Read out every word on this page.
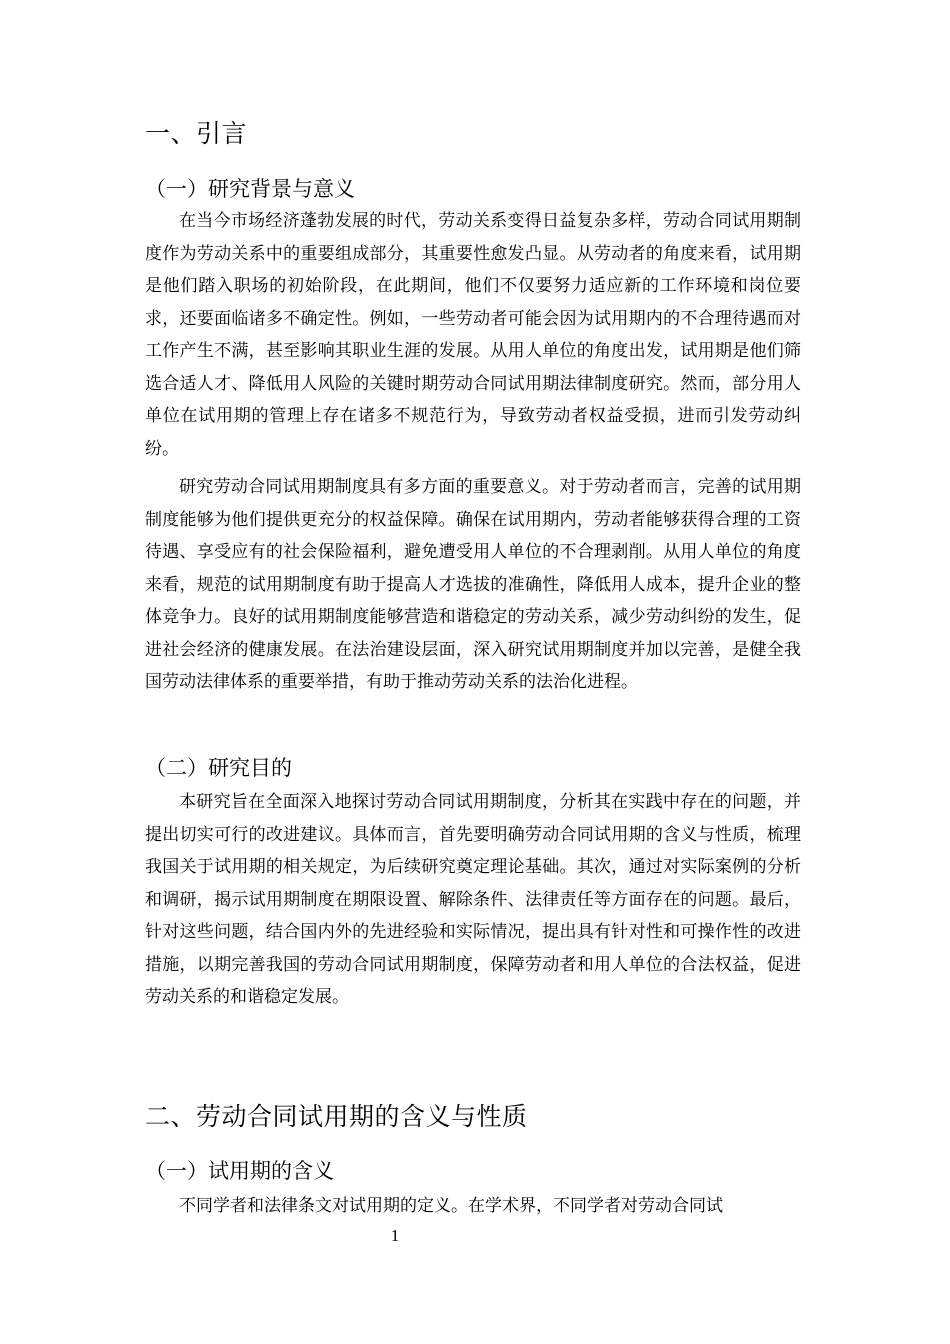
一、引言
（一）研究背景与意义

在当今市场经济蓬勃发展的时代，劳动关系变得日益复杂多样，劳动合同试用期制度作为劳动关系中的重要组成部分，其重要性愈发凸显。从劳动者的角度来看，试用期是他们踏入职场的初始阶段，在此期间，他们不仅要努力适应新的工作环境和岗位要求，还要面临诸多不确定性。例如，一些劳动者可能会因为试用期内的不合理待遇而对工作产生不满，甚至影响其职业生涯的发展。从用人单位的角度出发，试用期是他们筛选合适人才、降低用人风险的关键时期劳动合同试用期法律制度研究。然而，部分用人单位在试用期的管理上存在诸多不规范行为，导致劳动者权益受损，进而引发劳动纠纷。

研究劳动合同试用期制度具有多方面的重要意义。对于劳动者而言，完善的试用期制度能够为他们提供更充分的权益保障。确保在试用期内，劳动者能够获得合理的工资待遇、享受应有的社会保险福利，避免遭受用人单位的不合理剥削。从用人单位的角度来看，规范的试用期制度有助于提高人才选拔的准确性，降低用人成本，提升企业的整体竞争力。良好的试用期制度能够营造和谐稳定的劳动关系，减少劳动纠纷的发生，促进社会经济的健康发展。在法治建设层面，深入研究试用期制度并加以完善，是健全我国劳动法律体系的重要举措，有助于推动劳动关系的法治化进程。

（二）研究目的

本研究旨在全面深入地探讨劳动合同试用期制度，分析其在实践中存在的问题，并提出切实可行的改进建议。具体而言，首先要明确劳动合同试用期的含义与性质，梳理我国关于试用期的相关规定，为后续研究奠定理论基础。其次，通过对实际案例的分析和调研，揭示试用期制度在期限设置、解除条件、法律责任等方面存在的问题。最后，针对这些问题，结合国内外的先进经验和实际情况，提出具有针对性和可操作性的改进措施，以期完善我国的劳动合同试用期制度，保障劳动者和用人单位的合法权益，促进劳动关系的和谐稳定发展。

二、劳动合同试用期的含义与性质
（一）试用期的含义

不同学者和法律条文对试用期的定义。在学术界，不同学者对劳动合同试

1
